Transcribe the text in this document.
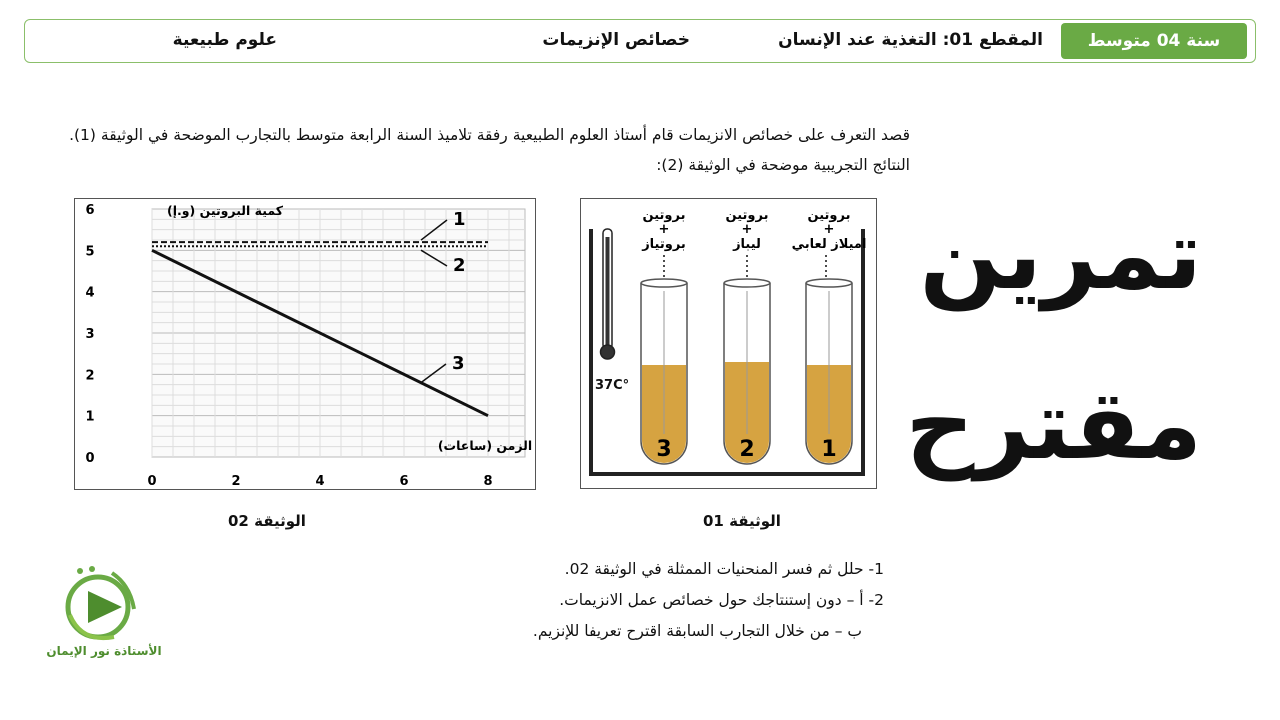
سنة 04 متوسط
المقطع 01: التغذية عند الإنسان
خصائص الإنزيمات
علوم طبيعية
قصد التعرف على خصائص الانزيمات قام أستاذ العلوم الطبيعية رفقة تلاميذ السنة الرابعة متوسط بالتجارب الموضحة في الوثيقة (1). النتائج التجريبية موضحة في الوثيقة (2):
37C°
بروتين
+
بروتياز
3
بروتين
+
ليباز
2
بروتين
+
اميلاز لعابي
1
الوثيقة 01
1
2
3
0	2	4	6	8
0
1
2
3
4
5
6	كمية البروتين (و.إ)
الزمن (ساعات)
الوثيقة 02
تمرين
مقترح
1- حلل ثم فسر المنحنيات الممثلة في الوثيقة 02.
2- أ – دون إستنتاجك حول خصائص عمل الانزيمات.
ب – من خلال التجارب السابقة اقترح تعريفا للإنزيم.
الأستاذة نور الإيمان
